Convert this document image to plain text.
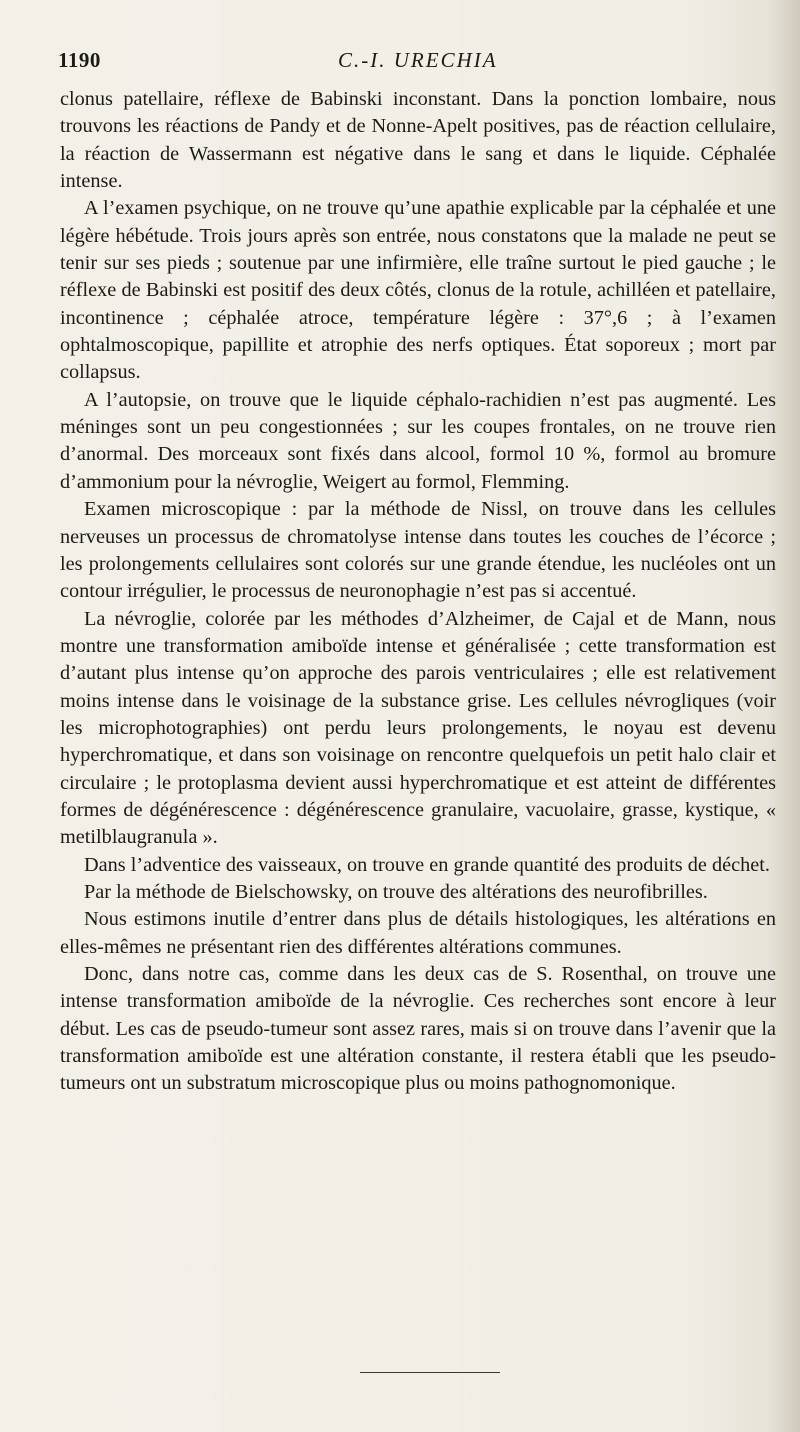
1190	C.-I. URECHIA

clonus patellaire, réflexe de Babinski inconstant. Dans la ponction lombaire, nous trouvons les réactions de Pandy et de Nonne-Apelt positives, pas de réaction cellulaire, la réaction de Wassermann est négative dans le sang et dans le liquide. Céphalée intense.

A l’examen psychique, on ne trouve qu’une apathie explicable par la céphalée et une légère hébétude. Trois jours après son entrée, nous constatons que la malade ne peut se tenir sur ses pieds ; soutenue par une infirmière, elle traîne surtout le pied gauche ; le réflexe de Babinski est positif des deux côtés, clonus de la rotule, achilléen et patellaire, incontinence ; céphalée atroce, température légère : 37°,6 ; à l’examen ophtalmoscopique, papillite et atrophie des nerfs optiques. État soporeux ; mort par collapsus.

A l’autopsie, on trouve que le liquide céphalo-rachidien n’est pas augmenté. Les méninges sont un peu congestionnées ; sur les coupes frontales, on ne trouve rien d’anormal. Des morceaux sont fixés dans alcool, formol 10 %, formol au bromure d’ammonium pour la névroglie, Weigert au formol, Flemming.

Examen microscopique : par la méthode de Nissl, on trouve dans les cellules nerveuses un processus de chromatolyse intense dans toutes les couches de l’écorce ; les prolongements cellulaires sont colorés sur une grande étendue, les nucléoles ont un contour irrégulier, le processus de neuronophagie n’est pas si accentué.

La névroglie, colorée par les méthodes d’Alzheimer, de Cajal et de Mann, nous montre une transformation amiboïde intense et généralisée ; cette transformation est d’autant plus intense qu’on approche des parois ventriculaires ; elle est relativement moins intense dans le voisinage de la substance grise. Les cellules névrogliques (voir les microphotographies) ont perdu leurs prolongements, le noyau est devenu hyperchromatique, et dans son voisinage on rencontre quelquefois un petit halo clair et circulaire ; le protoplasma devient aussi hyperchromatique et est atteint de différentes formes de dégénérescence : dégénérescence granulaire, vacuolaire, grasse, kystique, « metilblaugranula ».

Dans l’adventice des vaisseaux, on trouve en grande quantité des produits de déchet.

Par la méthode de Bielschowsky, on trouve des altérations des neurofibrilles.

Nous estimons inutile d’entrer dans plus de détails histologiques, les altérations en elles-mêmes ne présentant rien des différentes altérations communes.

Donc, dans notre cas, comme dans les deux cas de S. Rosenthal, on trouve une intense transformation amiboïde de la névroglie. Ces recherches sont encore à leur début. Les cas de pseudo-tumeur sont assez rares, mais si on trouve dans l’avenir que la transformation amiboïde est une altération constante, il restera établi que les pseudo-tumeurs ont un substratum microscopique plus ou moins pathognomonique.
